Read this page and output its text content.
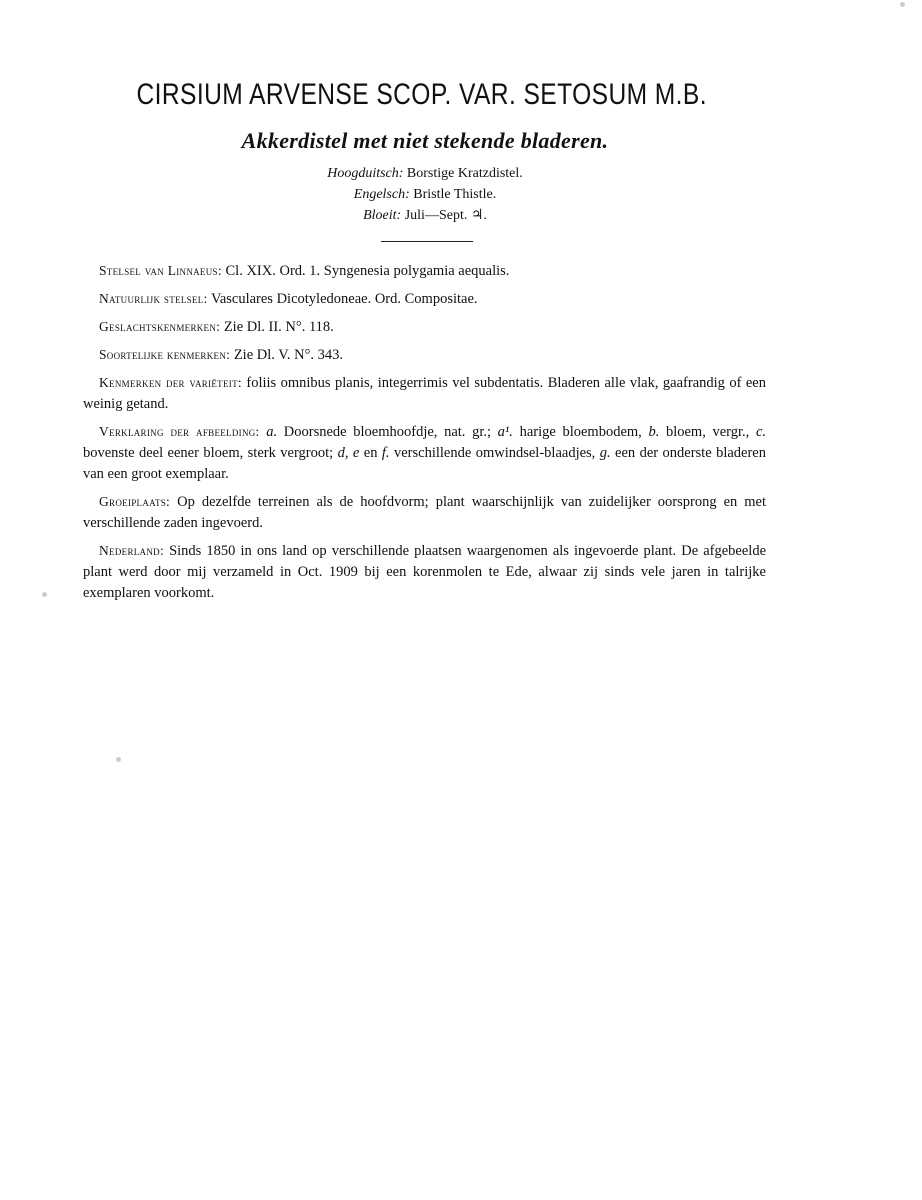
CIRSIUM ARVENSE SCOP. VAR. SETOSUM M.B.
Akkerdistel met niet stekende bladeren.
Hoogduitsch: Borstige Kratzdistel.
Engelsch: Bristle Thistle.
Bloeit: Juli—Sept. ♃.

Stelsel van Linnaeus: Cl. XIX. Ord. 1. Syngenesia polygamia aequalis.

Natuurlijk stelsel: Vasculares Dicotyledoneae. Ord. Compositae.

Geslachtskenmerken: Zie Dl. II. N°. 118.

Soortelijke kenmerken: Zie Dl. V. N°. 343.

Kenmerken der variëteit: foliis omnibus planis, integerrimis vel subdentatis. Bladeren alle vlak, gaafrandig of een weinig getand.

Verklaring der afbeelding: a. Doorsnede bloemhoofdje, nat. gr.; a¹. harige bloembodem, b. bloem, vergr., c. bovenste deel eener bloem, sterk vergroot; d, e en f. verschillende omwindsel-blaadjes, g. een der onderste bladeren van een groot exemplaar.

Groeiplaats: Op dezelfde terreinen als de hoofdvorm; plant waarschijnlijk van zuidelijker oorsprong en met verschillende zaden ingevoerd.

Nederland: Sinds 1850 in ons land op verschillende plaatsen waargenomen als ingevoerde plant. De afgebeelde plant werd door mij verzameld in Oct. 1909 bij een korenmolen te Ede, alwaar zij sinds vele jaren in talrijke exemplaren voorkomt.
